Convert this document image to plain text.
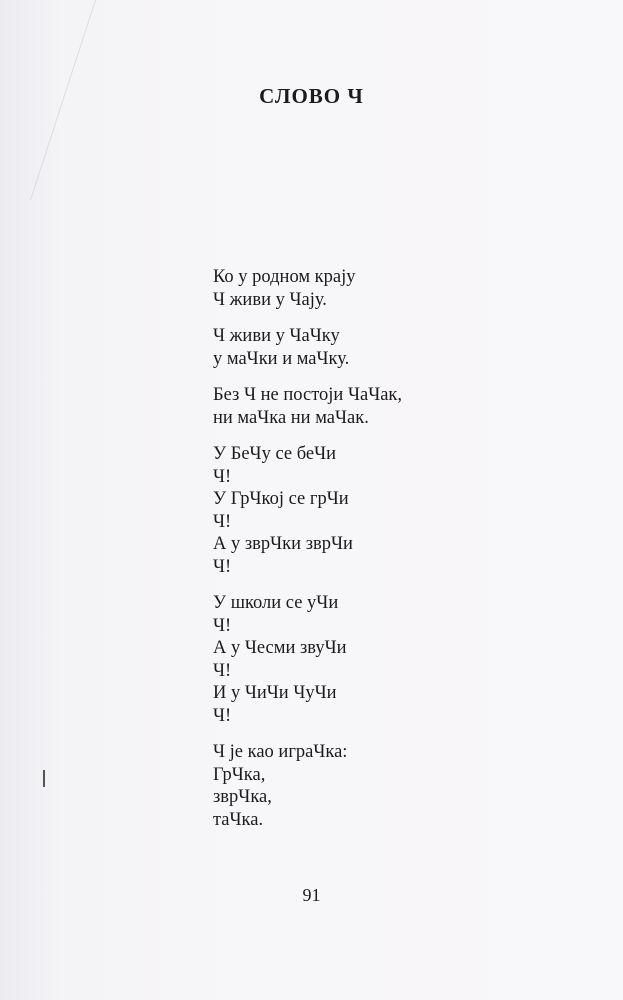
СЛОВО Ч
Ко у родном крају
Ч живи у Чају.
Ч живи у ЧаЧку
у маЧки и маЧку.
Без Ч не постоји ЧаЧак,
ни маЧка ни маЧак.
У БеЧу се беЧи
Ч!
У ГрЧкој се грЧи
Ч!
А у зврЧки зврЧи
Ч!
У школи се уЧи
Ч!
А у Чесми звуЧи
Ч!
И у ЧиЧи ЧуЧи
Ч!
Ч је као играЧка:
ГрЧка,
зврЧка,
таЧка.
91
